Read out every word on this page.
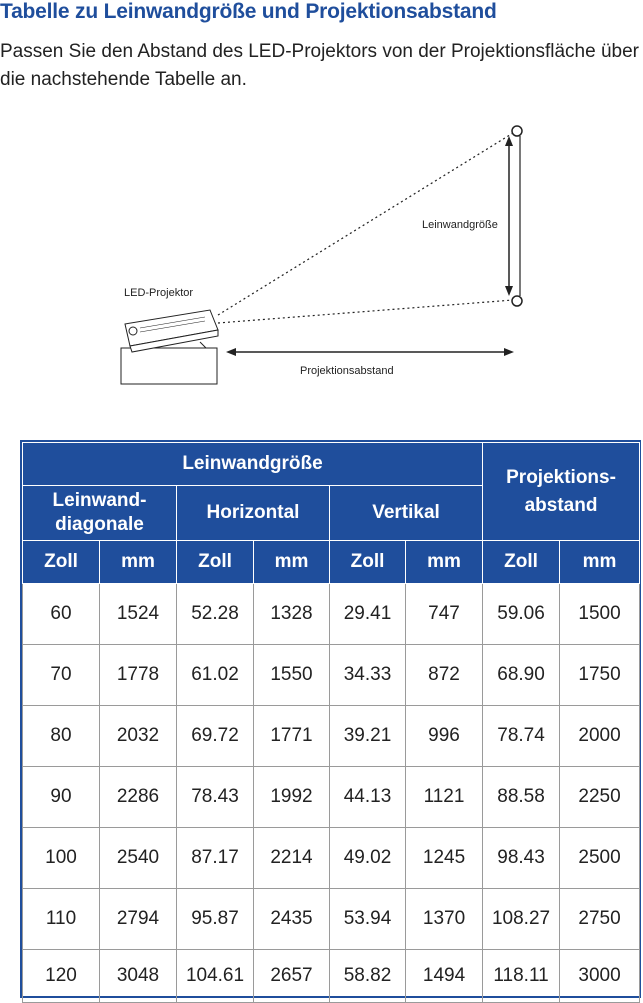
Tabelle zu Leinwandgröße und Projektionsabstand

Passen Sie den Abstand des LED-Projektors von der Projektionsfläche über die nachstehende Tabelle an.

LED-Projektor
Leinwandgröße
Projektionsabstand
Leinwandgröße						Projektions-abstand	
Leinwand-diagonale		Horizontal		Vertikal			
Zoll	mm	Zoll	mm	Zoll	mm	Zoll	mm
60	1524	52.28	1328	29.41	747	59.06	1500
70	1778	61.02	1550	34.33	872	68.90	1750
80	2032	69.72	1771	39.21	996	78.74	2000
90	2286	78.43	1992	44.13	1121	88.58	2250
100	2540	87.17	2214	49.02	1245	98.43	2500
110	2794	95.87	2435	53.94	1370	108.27	2750
120	3048	104.61	2657	58.82	1494	118.11	3000
